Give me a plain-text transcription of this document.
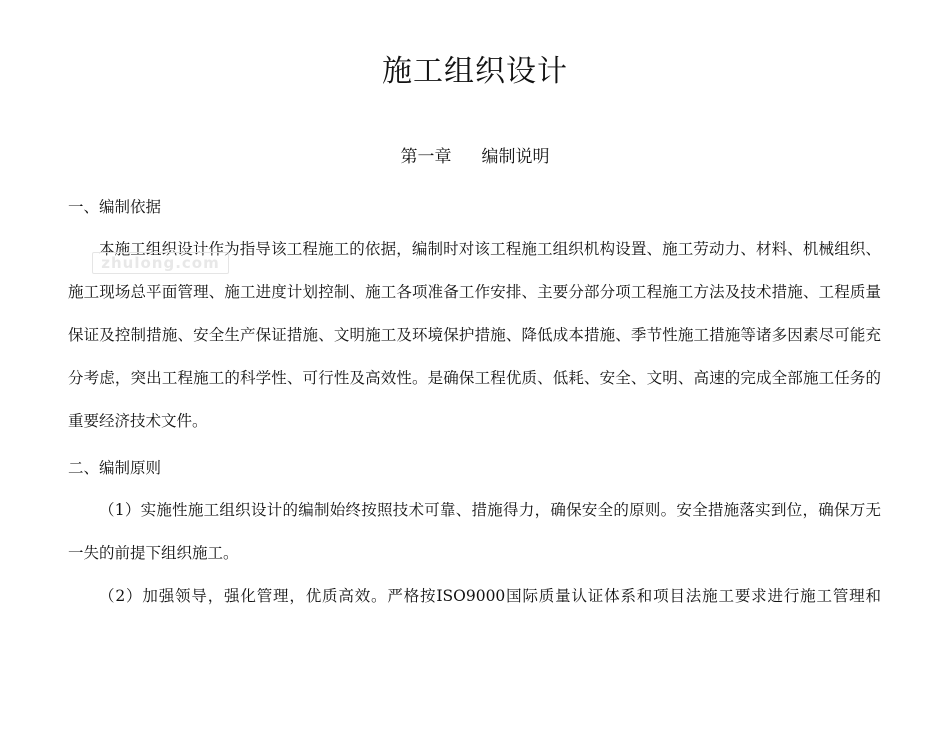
施工组织设计
第一章 编制说明
一、编制依据

本施工组织设计作为指导该工程施工的依据，编制时对该工程施工组织机构设置、施工劳动力、材料、机械组织、施工现场总平面管理、施工进度计划控制、施工各项准备工作安排、主要分部分项工程施工方法及技术措施、工程质量保证及控制措施、安全生产保证措施、文明施工及环境保护措施、降低成本措施、季节性施工措施等诸多因素尽可能充分考虑，突出工程施工的科学性、可行性及高效性。是确保工程优质、低耗、安全、文明、高速的完成全部施工任务的重要经济技术文件。

zhulong.com
二、编制原则

（1）实施性施工组织设计的编制始终按照技术可靠、措施得力，确保安全的原则。安全措施落实到位，确保万无一失的前提下组织施工。

（2）加强领导，强化管理，优质高效。严格按ISO9000国际质量认证体系和项目法施工要求进行施工管理和
